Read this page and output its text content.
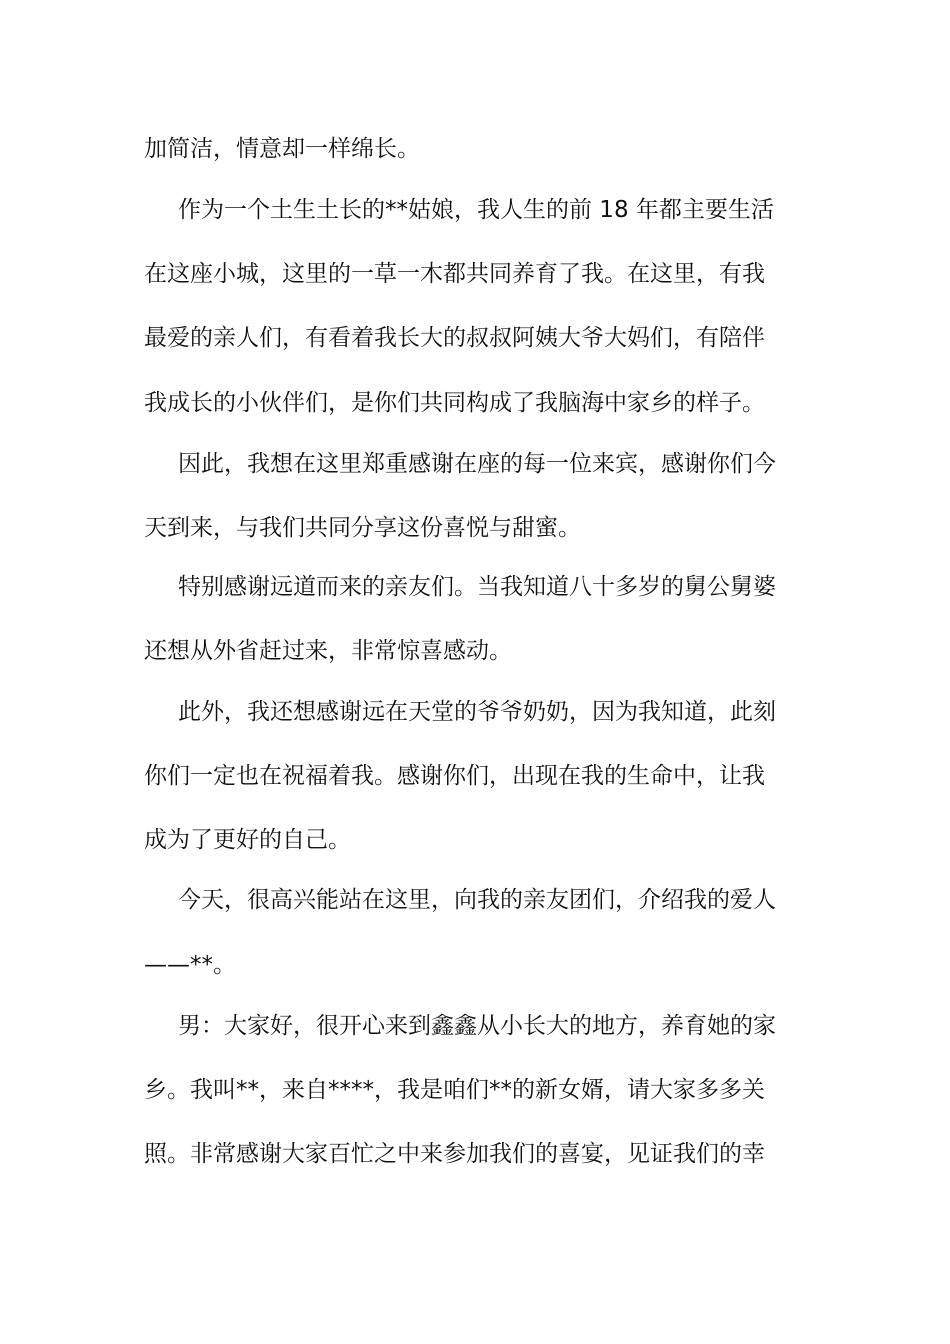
加简洁，情意却一样绵长。
作为一个土生土长的**姑娘，我人生的前 18 年都主要生活
在这座小城，这里的一草一木都共同养育了我。在这里，有我
最爱的亲人们，有看着我长大的叔叔阿姨大爷大妈们，有陪伴
我成长的小伙伴们，是你们共同构成了我脑海中家乡的样子。
因此，我想在这里郑重感谢在座的每一位来宾，感谢你们今
天到来，与我们共同分享这份喜悦与甜蜜。
特别感谢远道而来的亲友们。当我知道八十多岁的舅公舅婆
还想从外省赶过来，非常惊喜感动。
此外，我还想感谢远在天堂的爷爷奶奶，因为我知道，此刻
你们一定也在祝福着我。感谢你们，出现在我的生命中，让我
成为了更好的自己。
今天，很高兴能站在这里，向我的亲友团们，介绍我的爱人
——**。
男：大家好，很开心来到鑫鑫从小长大的地方，养育她的家
乡。我叫**，来自****，我是咱们**的新女婿，请大家多多关
照。非常感谢大家百忙之中来参加我们的喜宴，见证我们的幸
